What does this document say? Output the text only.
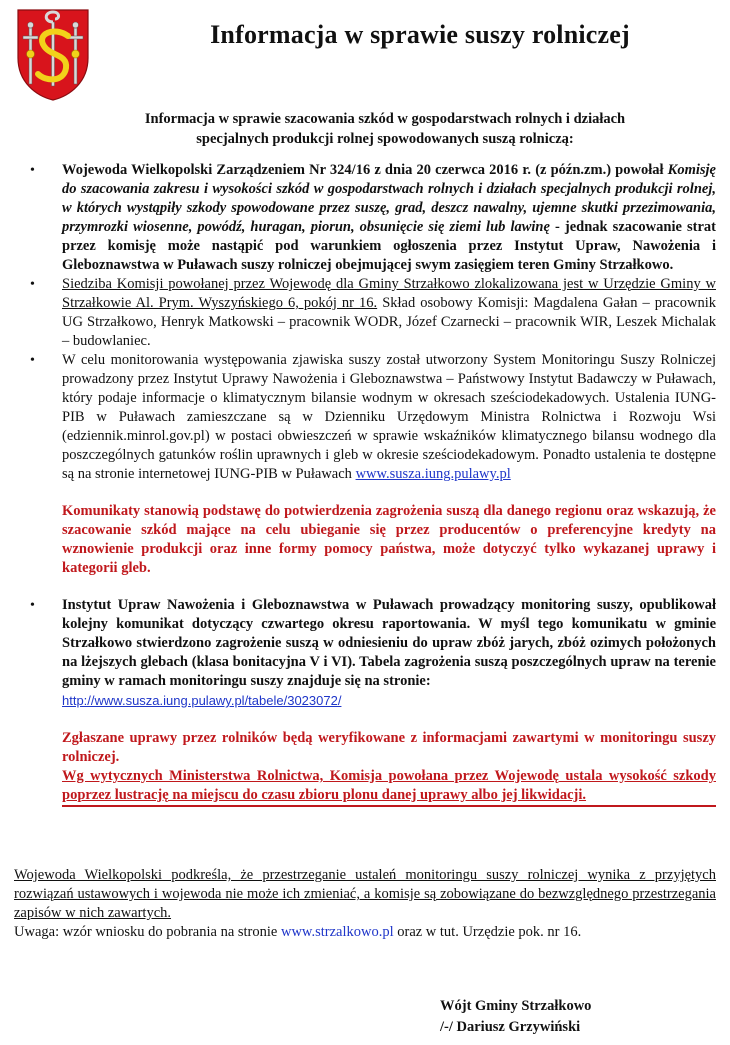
Informacja w sprawie suszy rolniczej
Informacja w sprawie szacowania szkód w gospodarstwach rolnych i działach
specjalnych produkcji rolnej spowodowanych suszą rolniczą:
• Wojewoda Wielkopolski Zarządzeniem Nr 324/16 z dnia 20 czerwca 2016 r. (z późn.zm.) powołał Komisję do szacowania zakresu i wysokości szkód w gospodarstwach rolnych i działach specjalnych produkcji rolnej, w których wystąpiły szkody spowodowane przez suszę, grad, deszcz nawalny, ujemne skutki przezimowania, przymrozki wiosenne, powódź, huragan, piorun, obsunięcie się ziemi lub lawinę - jednak szacowanie strat przez komisję może nastąpić pod warunkiem ogłoszenia przez Instytut Upraw, Nawożenia i Gleboznawstwa w Puławach suszy rolniczej obejmującej swym zasięgiem teren Gminy Strzałkowo.
• Siedziba Komisji powołanej przez Wojewodę dla Gminy Strzałkowo zlokalizowana jest w Urzędzie Gminy w Strzałkowie Al. Prym. Wyszyńskiego 6, pokój nr 16. Skład osobowy Komisji: Magdalena Gałan – pracownik UG Strzałkowo, Henryk Matkowski – pracownik WODR, Józef Czarnecki – pracownik WIR, Leszek Michalak – budowlaniec.
• W celu monitorowania występowania zjawiska suszy został utworzony System Monitoringu Suszy Rolniczej prowadzony przez Instytut Uprawy Nawożenia i Gleboznawstwa – Państwowy Instytut Badawczy w Puławach, który podaje informacje o klimatycznym bilansie wodnym w okresach sześciodekadowych. Ustalenia IUNG-PIB w Puławach zamieszczane są w Dzienniku Urzędowym Ministra Rolnictwa i Rozwoju Wsi (edziennik.minrol.gov.pl) w postaci obwieszczeń w sprawie wskaźników klimatycznego bilansu wodnego dla poszczególnych gatunków roślin uprawnych i gleb w okresie sześciodekadowym. Ponadto ustalenia te dostępne są na stronie internetowej IUNG-PIB w Puławach www.susza.iung.pulawy.pl
Komunikaty stanowią podstawę do potwierdzenia zagrożenia suszą dla danego regionu oraz wskazują, że szacowanie szkód mające na celu ubieganie się przez producentów o preferencyjne kredyty na wznowienie produkcji oraz inne formy pomocy państwa, może dotyczyć tylko wykazanej uprawy i kategorii gleb.
• Instytut Upraw Nawożenia i Gleboznawstwa w Puławach prowadzący monitoring suszy, opublikował kolejny komunikat dotyczący czwartego okresu raportowania. W myśl tego komunikatu w gminie Strzałkowo stwierdzono zagrożenie suszą w odniesieniu do upraw zbóż jarych, zbóż ozimych położonych na lżejszych glebach (klasa bonitacyjna V i VI). Tabela zagrożenia suszą poszczególnych upraw na terenie gminy w ramach monitoringu suszy znajduje się na stronie:
http://www.susza.iung.pulawy.pl/tabele/3023072/
Zgłaszane uprawy przez rolników będą weryfikowane z informacjami zawartymi w monitoringu suszy rolniczej.
Wg wytycznych Ministerstwa Rolnictwa, Komisja powołana przez Wojewodę ustala wysokość szkody poprzez lustrację na miejscu do czasu zbioru plonu danej uprawy albo jej likwidacji.
Wojewoda Wielkopolski podkreśla, że przestrzeganie ustaleń monitoringu suszy rolniczej wynika z przyjętych rozwiązań ustawowych i wojewoda nie może ich zmieniać, a komisje są zobowiązane do bezwzględnego przestrzegania zapisów w nich zawartych.
Uwaga: wzór wniosku do pobrania na stronie www.strzalkowo.pl oraz w tut. Urzędzie pok. nr 16.
Wójt Gminy Strzałkowo
/-/ Dariusz Grzywiński
